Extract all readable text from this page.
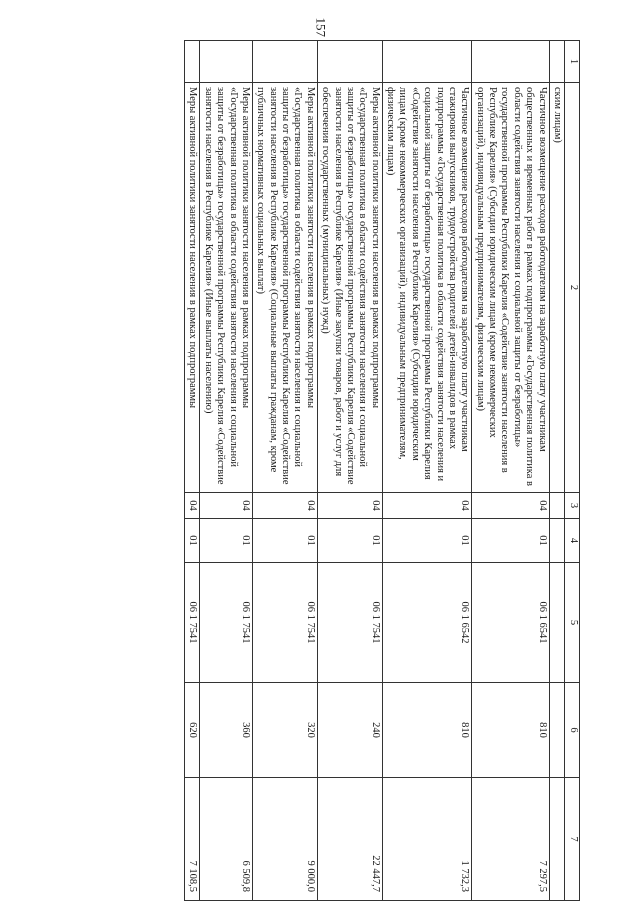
157
1	2	3	4	5	6	7
	ским лицам)					
	Частичное возмещение расходов работодателям на заработную плату участникам общественных и временных работ в рамках подпрограммы «Государственная политика в области содействия занятости населения и социальной защиты от безработицы» государственной программы Республики Карелия «Содействие занятости населения в Республике Карелия» (Субсидии юридическим лицам (кроме некоммерческих организаций), индивидуальным предпринимателям, физическим лицам)	04	01	06 1 6541	810	7 297,5
	Частичное возмещение расходов работодателям на заработную плату участникам стажировки выпускников, трудоустройства родителей детей-инвалидов в рамках подпрограммы «Государственная политика в области содействия занятости населения и социальной защиты от безработицы» государственной программы Республики Карелия «Содействие занятости населения в Республике Карелия» (Субсидии юридическим лицам (кроме некоммерческих организаций), индивидуальным предпринимателям, физическим лицам)	04	01	06 1 6542	810	1 732,3
	Меры активной политики занятости населения в рамках подпрограммы «Государственная политика в области содействия занятости населения и социальной защиты от безработицы» государственной программы Республики Карелия «Содействие занятости населения в Республике Карелия» (Иные закупки товаров, работ и услуг для обеспечения государственных (муниципальных) нужд)	04	01	06 1 7541	240	22 447,7
	Меры активной политики занятости населения в рамках подпрограммы «Государственная политика в области содействия занятости населения и социальной защиты от безработицы» государственной программы Республики Карелия «Содействие занятости населения в Республике Карелия» (Социальные выплаты гражданам, кроме публичных нормативных социальных выплат)	04	01	06 1 7541	320	9 000,0
	Меры активной политики занятости населения в рамках подпрограммы «Государственная политика в области содействия занятости населения и социальной защиты от безработицы» государственной программы Республики Карелия «Содействие занятости населения в Республике Карелия» (Иные выплаты населению)	04	01	06 1 7541	360	6 509,8
	Меры активной политики занятости населения в рамках подпрограммы	04	01	06 1 7541	620	7 108,5
